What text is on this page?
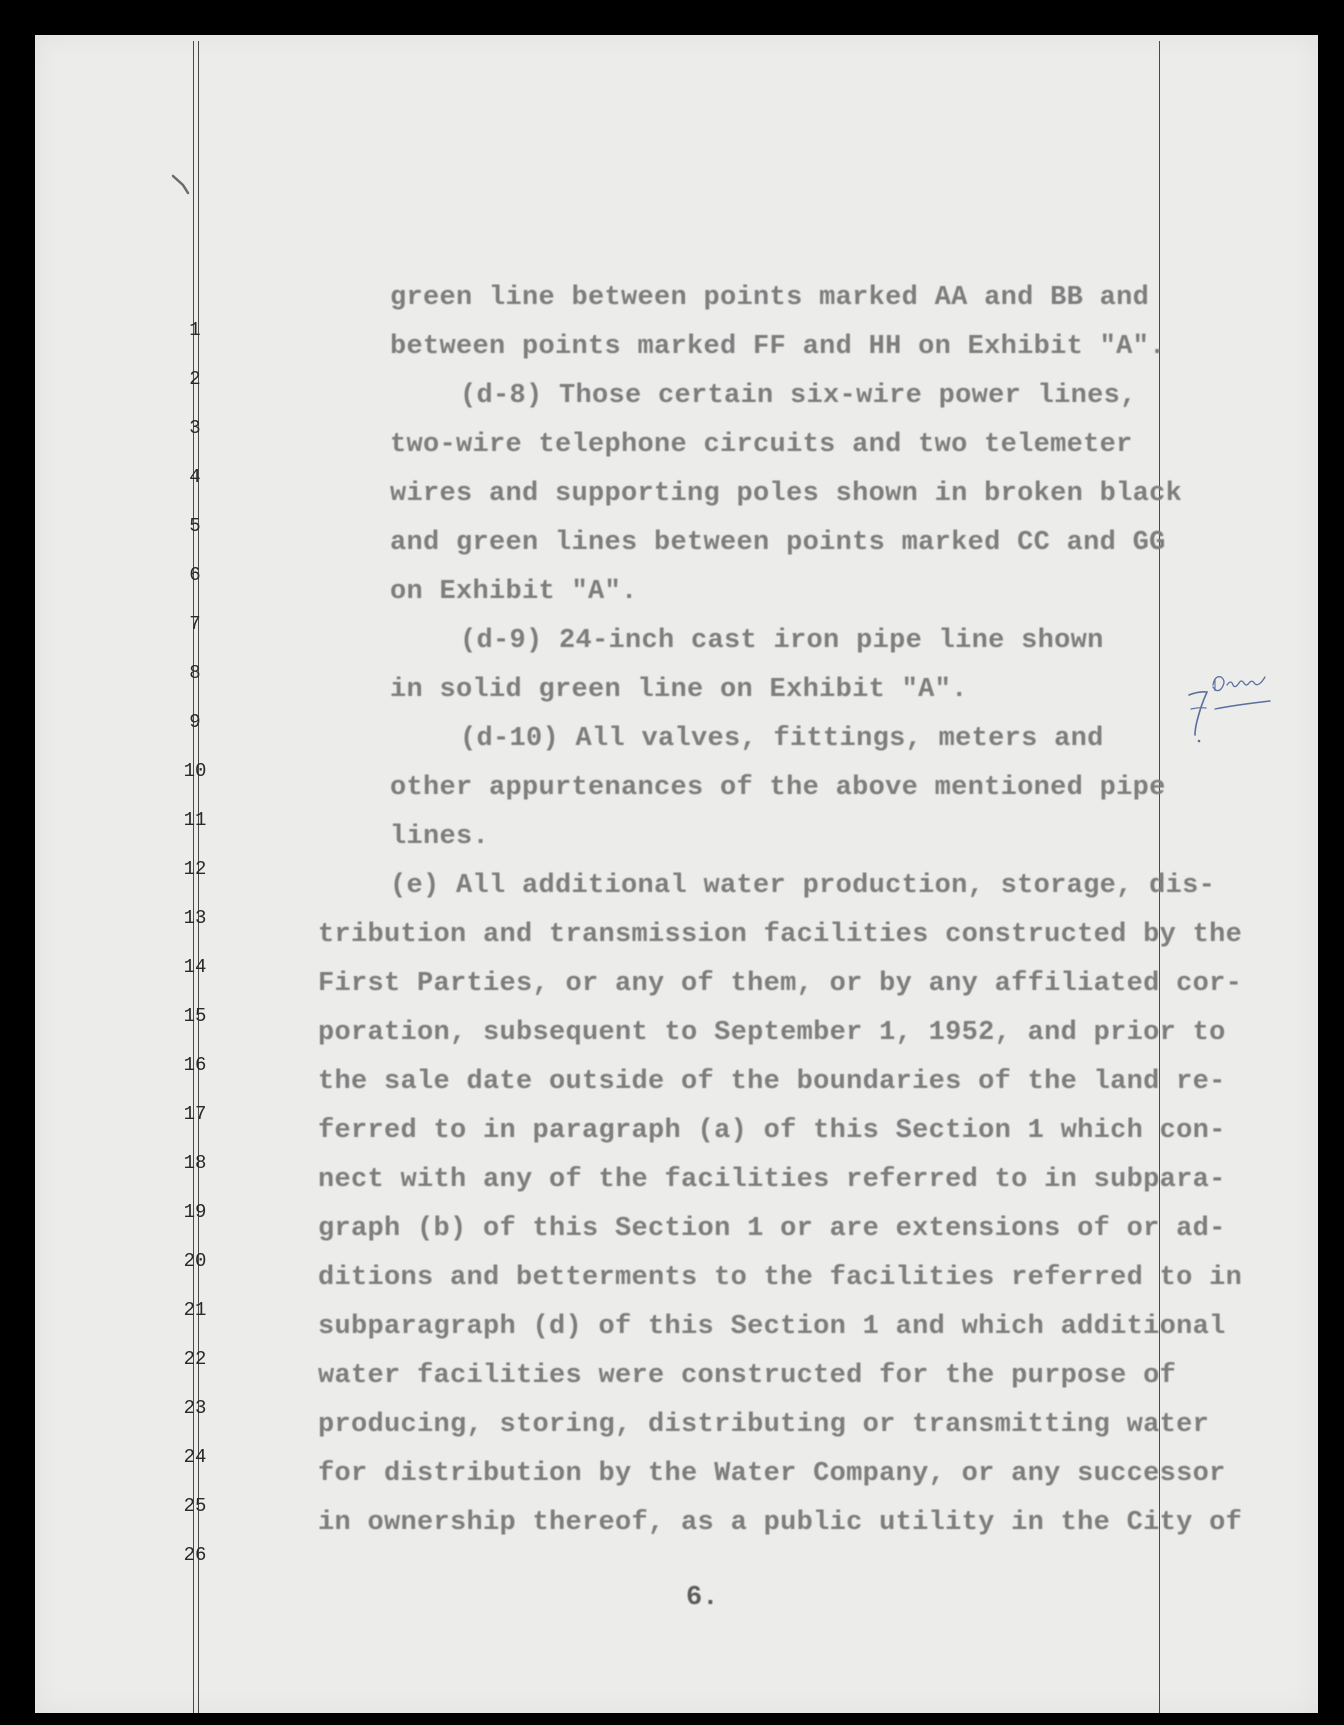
1
2
3
4
5
6
7
8
9
10
11
12
13
14
15
16
17
18
19
20
21
22
23
24
25
26
green line between points marked AA and BB and
between points marked FF and HH on Exhibit "A".
(d-8) Those certain six-wire power lines,
two-wire telephone circuits and two telemeter
wires and supporting poles shown in broken black
and green lines between points marked CC and GG
on Exhibit "A".
(d-9) 24-inch cast iron pipe line shown
in solid green line on Exhibit "A".
(d-10) All valves, fittings, meters and
other appurtenances of the above mentioned pipe
lines.
(e) All additional water production, storage, dis-
tribution and transmission facilities constructed by the
First Parties, or any of them, or by any affiliated cor-
poration, subsequent to September 1, 1952, and prior to
the sale date outside of the boundaries of the land re-
ferred to in paragraph (a) of this Section 1 which con-
nect with any of the facilities referred to in subpara-
graph (b) of this Section 1 or are extensions of or ad-
ditions and betterments to the facilities referred to in
subparagraph (d) of this Section 1 and which additional
water facilities were constructed for the purpose of
producing, storing, distributing or transmitting water
for distribution by the Water Company, or any successor
in ownership thereof, as a public utility in the City of
6.
